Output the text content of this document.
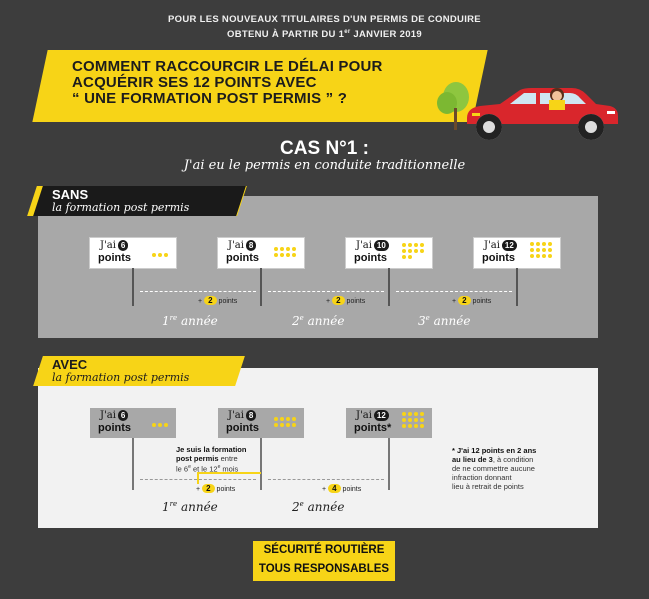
POUR LES NOUVEAUX TITULAIRES D'UN PERMIS DE CONDUIRE
OBTENU À PARTIR DU 1er JANVIER 2019
COMMENT RACCOURCIR LE DÉLAI POUR
ACQUÉRIR SES 12 POINTS AVEC
“ UNE FORMATION POST PERMIS ” ?
CAS N°1 :
J'ai eu le permis en conduite traditionnelle
SANS
la formation post permis
J'ai 6
points
J'ai 8
points
J'ai 10
points
J'ai 12
points
+ 2 points	+ 2 points	+ 2 points
1re année	2e année	3e année
AVEC
la formation post permis
J'ai 6
points
J'ai 8
points
J'ai 12
points*
Je suis la formation
post permis entre
le 6e et le 12e mois
+ 2 points	+ 4 points
1re année	2e année
* J'ai 12 points en 2 ans
au lieu de 3, à condition
de ne commettre aucune
infraction donnant
lieu à retrait de points
SÉCURITÉ ROUTIÈRE
TOUS RESPONSABLES
